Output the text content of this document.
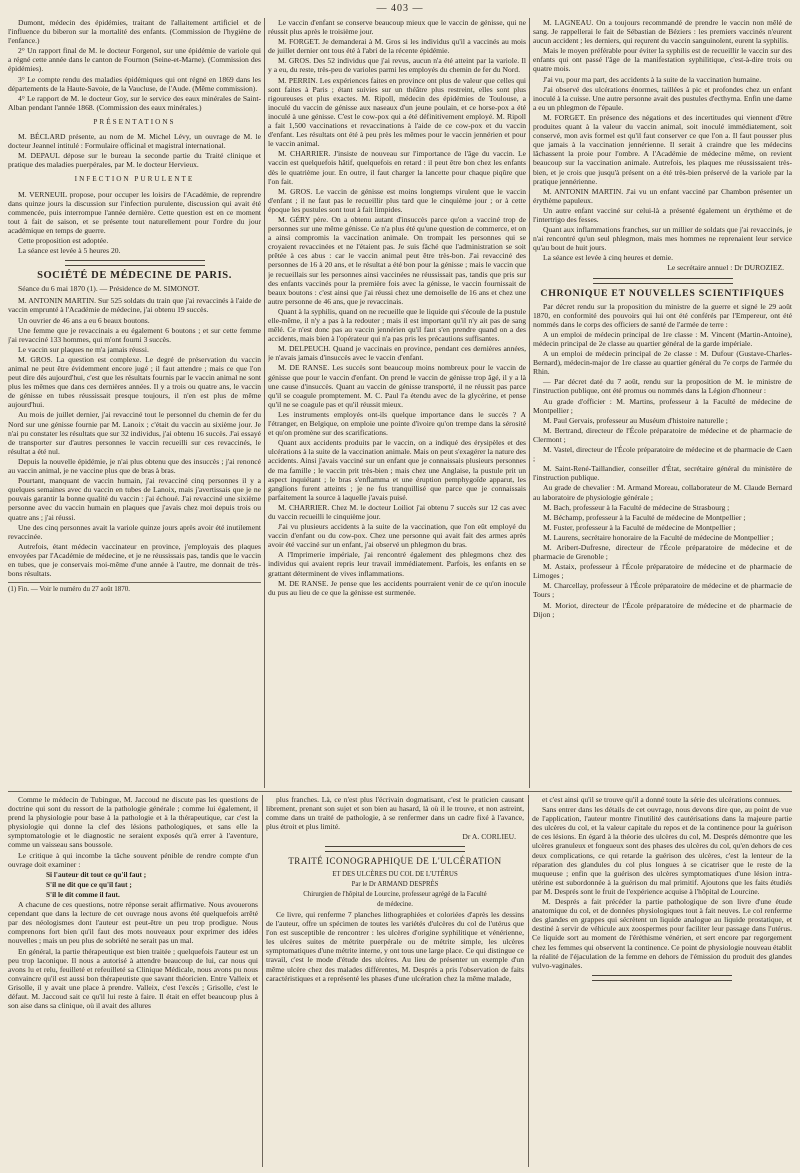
— 403 —

Dumont, médecin des épidémies, traitant de l'allaitement artificiel et de l'influence du biberon sur la mortalité des enfants. (Commission de l'hygiène de l'enfance.)

2° Un rapport final de M. le docteur Forgenol, sur une épidémie de variole qui a régné cette année dans le canton de Fournon (Seine-et-Marne). (Commission des épidémies).

3° Le compte rendu des maladies épidémiques qui ont régné en 1869 dans les départements de la Haute-Savoie, de la Vaucluse, de l'Aude. (Même commission).

4° Le rapport de M. le docteur Goy, sur le service des eaux minérales de Saint-Alban pendant l'année 1868. (Commission des eaux minérales.)

PRÉSENTATIONS

M. BÉCLARD présente, au nom de M. Michel Lévy, un ouvrage de M. le docteur Jeannel intitulé : Formulaire officinal et magistral international.

M. DEPAUL dépose sur le bureau la seconde partie du Traité clinique et pratique des maladies puerpérales, par M. le docteur Hervieux.

INFECTION PURULENTE

M. VERNEUIL propose, pour occuper les loisirs de l'Académie, de reprendre dans quinze jours la discussion sur l'infection purulente, discussion qui avait été commencée, puis interrompue l'année dernière. Cette question est en ce moment tout à fait de saison, et se présente tout naturellement pour l'ordre du jour académique en temps de guerre.

Cette proposition est adoptée.

La séance est levée à 5 heures 20.

SOCIÉTÉ DE MÉDECINE DE PARIS.

Séance du 6 mai 1870 (1). — Présidence de M. SIMONOT.

M. ANTONIN MARTIN. Sur 525 soldats du train que j'ai revaccinés à l'aide de vaccin emprunté à l'Académie de médecine, j'ai obtenu 19 succès.

Un ouvrier de 46 ans a eu 6 beaux boutons.

Une femme que je revaccinais a eu également 6 boutons ; et sur cette femme j'ai revacciné 133 hommes, qui m'ont fourni 3 succès.

Le vaccin sur plaques ne m'a jamais réussi.

M. GROS. La question est complexe. Le degré de préservation du vaccin animal ne peut être évidemment encore jugé ; il faut attendre ; mais ce que l'on peut dire dès aujourd'hui, c'est que les résultats fournis par le vaccin animal ne sont plus les mêmes que dans ces dernières années. Il y a trois ou quatre ans, le vaccin de génisse en tubes réussissait presque toujours, il n'en est plus de même aujourd'hui.

Au mois de juillet dernier, j'ai revacciné tout le personnel du chemin de fer du Nord sur une génisse fournie par M. Lanoix ; c'était du vaccin au sixième jour. Je n'ai pu constater les résultats que sur 32 individus, j'ai obtenu 16 succès. J'ai essayé de transporter sur d'autres personnes le vaccin recueilli sur ces revaccinés, le résultat a été nul.

Depuis la nouvelle épidémie, je n'ai plus obtenu que des insuccès ; j'ai renoncé au vaccin animal, je ne vaccine plus que de bras à bras.

Pourtant, manquant de vaccin humain, j'ai revacciné cinq personnes il y a quelques semaines avec du vaccin en tubes de Lanoix, mais j'avertissais que je ne pouvais garantir la bonne qualité du vaccin : j'ai échoué. J'ai revacciné une sixième personne avec du vaccin humain en plaques que j'avais chez moi depuis trois ou quatre ans ; j'ai réussi.

Une des cinq personnes avait la variole quinze jours après avoir été inutilement revaccinée.

Autrefois, étant médecin vaccinateur en province, j'employais des plaques envoyées par l'Académie de médecine, et je ne réussissais pas, tandis que le vaccin en tubes, que je conservais moi-même d'une année à l'autre, me donnait de très-bons résultats.

(1) Fin. — Voir le numéro du 27 août 1870.

Le vaccin d'enfant se conserve beaucoup mieux que le vaccin de génisse, qui ne réussit plus après le troisième jour.

M. FORGET. Je demanderai à M. Gros si les individus qu'il a vaccinés au mois de juillet dernier ont tous été à l'abri de la récente épidémie.

M. GROS. Des 52 individus que j'ai revus, aucun n'a été atteint par la variole. Il y a eu, du reste, très-peu de varioles parmi les employés du chemin de fer du Nord.

M. PERRIN. Les expériences faites en province ont plus de valeur que celles qui sont faites à Paris ; étant suivies sur un théâtre plus restreint, elles sont plus rigoureuses et plus exactes. M. Ripoll, médecin des épidémies de Toulouse, a inoculé du vaccin de génisse aux naseaux d'un jeune poulain, et ce horse-pox a été inoculé à une génisse. C'est le cow-pox qui a été définitivement employé. M. Ripoll a fait 1,500 vaccinations et revaccinations à l'aide de ce cow-pox et du vaccin d'enfant. Les résultats ont été à peu près les mêmes pour le vaccin jennérien et pour le vaccin animal.

M. CHARRIER. J'insiste de nouveau sur l'importance de l'âge du vaccin. Le vaccin est quelquefois hâtif, quelquefois en retard : il peut être bon chez les enfants dès le quatrième jour. En outre, il faut charger la lancette pour chaque piqûre que l'on fait.

M. GROS. Le vaccin de génisse est moins longtemps virulent que le vaccin d'enfant ; il ne faut pas le recueillir plus tard que le cinquième jour ; or à cette époque les pustules sont tout à fait limpides.

M. GÉRY père. On a obtenu autant d'insuccès parce qu'on a vacciné trop de personnes sur une même génisse. Ce n'a plus été qu'une question de commerce, et on a ainsi compromis la vaccination animale. On trompait les personnes qui se croyaient revaccinées et ne l'étaient pas. Je suis fâché que l'administration se soit prêtée à ces abus : car le vaccin animal peut être très-bon. J'ai revacciné des personnes de 16 à 20 ans, et le résultat a été bon pour la génisse ; mais le vaccin que je recueillais sur les personnes ainsi vaccinées ne réussissait pas, tandis que pris sur des enfants vaccinés pour la première fois avec la génisse, le vaccin fournissait de beaux boutons : c'est ainsi que j'ai réussi chez une demoiselle de 16 ans et chez une autre personne de 46 ans, que je revaccinais.

Quant à la syphilis, quand on ne recueille que le liquide qui s'écoule de la pustule elle-même, il n'y a pas à la redouter ; mais il est important qu'il n'y ait pas de sang mêlé. Ce n'est donc pas au vaccin jennérien qu'il faut s'en prendre quand on a des accidents, mais bien à l'opérateur qui n'a pas pris les précautions suffisantes.

M. DELPEUCH. Quand je vaccinais en province, pendant ces dernières années, je n'avais jamais d'insuccès avec le vaccin d'enfant.

M. DE RANSE. Les succès sont beaucoup moins nombreux pour le vaccin de génisse que pour le vaccin d'enfant. On prend le vaccin de génisse trop âgé, il y a là une cause d'insuccès. Quant au vaccin de génisse transporté, il ne réussit pas parce qu'il se coagule promptement. M. C. Paul l'a étendu avec de la glycérine, et pense qu'il ne se coagule pas et qu'il réussit mieux.

Les instruments employés ont-ils quelque importance dans le succès ? A l'étranger, en Belgique, on emploie une pointe d'ivoire qu'on trempe dans la sérosité et qu'on promène sur des scarifications.

Quant aux accidents produits par le vaccin, on a indiqué des érysipèles et des ulcérations à la suite de la vaccination animale. Mais on peut s'exagérer la nature des accidents. Ainsi j'avais vacciné sur un enfant que je connaissais plusieurs personnes de ma famille ; le vaccin prit très-bien ; mais chez une Anglaise, la pustule prit un aspect inquiétant ; le bras s'enflamma et une éruption pemphygoïde apparut, les ganglions furent atteints ; je ne fus tranquillisé que parce que je connaissais parfaitement la source à laquelle j'avais puisé.

M. CHARRIER. Chez M. le docteur Loiliot j'ai obtenu 7 succès sur 12 cas avec du vaccin recueilli le cinquième jour.

J'ai vu plusieurs accidents à la suite de la vaccination, que l'on eût employé du vaccin d'enfant ou du cow-pox. Chez une personne qui avait fait des armes après avoir été vacciné sur un enfant, j'ai observé un phlegmon du bras.

A l'Imprimerie impériale, j'ai rencontré également des phlegmons chez des individus qui avaient repris leur travail immédiatement. Parfois, les enfants en se grattant déterminent de vives inflammations.

M. DE RANSE. Je pense que les accidents pourraient venir de ce qu'on inocule du pus au lieu de ce que la génisse est surmenée.

M. LAGNEAU. On a toujours recommandé de prendre le vaccin non mêlé de sang. Je rappellerai le fait de Sébastian de Béziers : les premiers vaccinés n'eurent aucun accident ; les derniers, qui reçurent du vaccin sanguinolent, eurent la syphilis.

Mais le moyen préférable pour éviter la syphilis est de recueillir le vaccin sur des enfants qui ont passé l'âge de la manifestation syphilitique, c'est-à-dire trois ou quatre mois.

J'ai vu, pour ma part, des accidents à la suite de la vaccination humaine.

J'ai observé des ulcérations énormes, taillées à pic et profondes chez un enfant inoculé à la cuisse. Une autre personne avait des pustules d'ecthyma. Enfin une dame a eu un phlegmon de l'épaule.

M. FORGET. En présence des négations et des incertitudes qui viennent d'être produites quant à la valeur du vaccin animal, soit inoculé immédiatement, soit conservé, mon avis formel est qu'il faut conserver ce que l'on a. Il faut pousser plus que jamais à la vaccination jennérienne. Il serait à craindre que les médecins lâchassent la proie pour l'ombre. A l'Académie de médecine même, on revient beaucoup sur la vaccination animale. Autrefois, les plaques me réussissaient très-bien, et je crois que jusqu'à présent on a été très-bien préservé de la variole par la pratique jennérienne.

M. ANTONIN MARTIN. J'ai vu un enfant vacciné par Chambon présenter un érythème papuleux.

Un autre enfant vacciné sur celui-là a présenté également un érythème et de l'intertrigo des fesses.

Quant aux inflammations franches, sur un millier de soldats que j'ai revaccinés, je n'ai rencontré qu'un seul phlegmon, mais mes hommes ne reprenaient leur service qu'au bout de huit jours.

La séance est levée à cinq heures et demie.

Le secrétaire annuel : Dr DUROZIEZ.

CHRONIQUE ET NOUVELLES SCIENTIFIQUES

Par décret rendu sur la proposition du ministre de la guerre et signé le 29 août 1870, en conformité des pouvoirs qui lui ont été conférés par l'Empereur, ont été nommés dans le corps des officiers de santé de l'armée de terre :

A un emploi de médecin principal de 1re classe : M. Vincent (Martin-Antoine), médecin principal de 2e classe au quartier général de la garde impériale.

A un emploi de médecin principal de 2e classe : M. Dufour (Gustave-Charles-Bernard), médecin-major de 1re classe au quartier général du 7e corps de l'armée du Rhin.

— Par décret daté du 7 août, rendu sur la proposition de M. le ministre de l'instruction publique, ont été promus ou nommés dans la Légion d'honneur :

Au grade d'officier : M. Martins, professeur à la Faculté de médecine de Montpellier ;

M. Paul Gervais, professeur au Muséum d'histoire naturelle ;

M. Bertrand, directeur de l'École préparatoire de médecine et de pharmacie de Clermont ;

M. Vastel, directeur de l'École préparatoire de médecine et de pharmacie de Caen ;

M. Saint-René-Taillandier, conseiller d'État, secrétaire général du ministère de l'instruction publique.

Au grade de chevalier : M. Armand Moreau, collaborateur de M. Claude Bernard au laboratoire de physiologie générale ;

M. Bach, professeur à la Faculté de médecine de Strasbourg ;

M. Béchamp, professeur à la Faculté de médecine de Montpellier ;

M. Fuster, professeur à la Faculté de médecine de Montpellier ;

M. Laurens, secrétaire honoraire de la Faculté de médecine de Montpellier ;

M. Aribert-Dufresne, directeur de l'École préparatoire de médecine et de pharmacie de Grenoble ;

M. Astaix, professeur à l'École préparatoire de médecine et de pharmacie de Limoges ;

M. Charcellay, professeur à l'École préparatoire de médecine et de pharmacie de Tours ;

M. Moriot, directeur de l'École préparatoire de médecine et de pharmacie de Dijon ;

Comme le médecin de Tubingue, M. Jaccoud ne discute pas les questions de doctrine qui sont du ressort de la pathologie générale ; comme lui également, il prend la physiologie pour base à la pathologie et à la thérapeutique, car c'est la physiologie qui donne la clef des lésions pathologiques, et sans elle la symptomatologie et le diagnostic ne seraient exposés qu'à errer à l'aventure, comme un vaisseau sans boussole.

Le critique à qui incombe la tâche souvent pénible de rendre compte d'un ouvrage doit examiner :

Si l'auteur dit tout ce qu'il faut ;

S'il ne dit que ce qu'il faut ;

S'il le dit comme il faut.

A chacune de ces questions, notre réponse serait affirmative. Nous avouerons cependant que dans la lecture de cet ouvrage nous avons été quelquefois arrêté par des néologismes dont l'auteur est peut-être un peu trop prodigue. Nous comprenons fort bien qu'il faut des mots nouveaux pour exprimer des idées nouvelles ; mais un peu plus de sobriété ne serait pas un mal.

En général, la partie thérapeutique est bien traitée ; quelquefois l'auteur est un peu trop laconique. Il nous a autorisé à attendre beaucoup de lui, car nous qui avons lu et relu, feuilleté et refeuilleté sa Clinique Médicale, nous avons pu nous convaincre qu'il est aussi bon thérapeutiste que savant théoricien. Entre Valleix et Grisolle, il y avait une place à prendre. Valleix, c'est l'excès ; Grisolle, c'est le défaut. M. Jaccoud sait ce qu'il lui reste à faire. Il était en effet beaucoup plus à son aise dans sa clinique, où il avait des allures

plus franches. Là, ce n'est plus l'écrivain dogmatisant, c'est le praticien causant librement, prenant son sujet et son bien au hasard, là où il le trouve, et non astreint, comme dans un traité de pathologie, à se renfermer dans un cadre fixé à l'avance, plus étroit et plus limité.

Dr A. CORLIEU.

TRAITÉ ICONOGRAPHIQUE DE L'ULCÉRATION

ET DES ULCÈRES DU COL DE L'UTÉRUS

Par le Dr ARMAND DESPRÈS

Chirurgien de l'hôpital de Lourcine, professeur agrégé de la Faculté

de médecine.

Ce livre, qui renferme 7 planches lithographiées et coloriées d'après les dessins de l'auteur, offre un spécimen de toutes les variétés d'ulcères du col de l'utérus que l'on est susceptible de rencontrer : les ulcères d'origine syphilitique et vénérienne, les ulcères suites de métrite puerpérale ou de métrite simple, les ulcères symptomatiques d'une métrite interne, y ont tous une large place. Ce qui distingue ce travail, c'est le mode d'étude des ulcères. Au lieu de présenter un exemple d'un même ulcère chez des malades différentes, M. Després a pris l'observation de faits caractéristiques et a représenté les phases d'une ulcération chez la même malade,

et c'est ainsi qu'il se trouve qu'il a donné toute la série des ulcérations connues.

Sans entrer dans les détails de cet ouvrage, nous devons dire que, au point de vue de l'application, l'auteur montre l'inutilité des cautérisations dans la majeure partie des ulcères du col, et la valeur capitale du repos et de la continence pour la guérison de ces lésions. En égard à la théorie des ulcères du col, M. Després démontre que les ulcères granuleux et fongueux sont des phases des ulcères du col, qu'en dehors de ces deux complications, ce qui retarde la guérison des ulcères, c'est la lenteur de la réparation des glandules du col plus longues à se cicatriser que le reste de la muqueuse ; enfin que la guérison des ulcères symptomatiques d'une lésion intra-utérine est subordonnée à la guérison du mal primitif. Ajoutons que les faits étudiés par M. Després sont le fruit de l'expérience acquise à l'hôpital de Lourcine.

M. Després a fait précéder la partie pathologique de son livre d'une étude anatomique du col, et de données physiologiques tout à fait neuves. Le col renferme des glandes en grappes qui sécrètent un liquide analogue au liquide prostatique, et destiné à servir de véhicule aux zoospermes pour faciliter leur passage dans l'utérus. Ce liquide sort au moment de l'éréthisme vénérien, et sert encore par regorgement chez les femmes qui observent la continence. Ce point de physiologie nouveau établit la réalité de l'éjaculation de la femme en dehors de l'émission du produit des glandes vulvo-vaginales.
